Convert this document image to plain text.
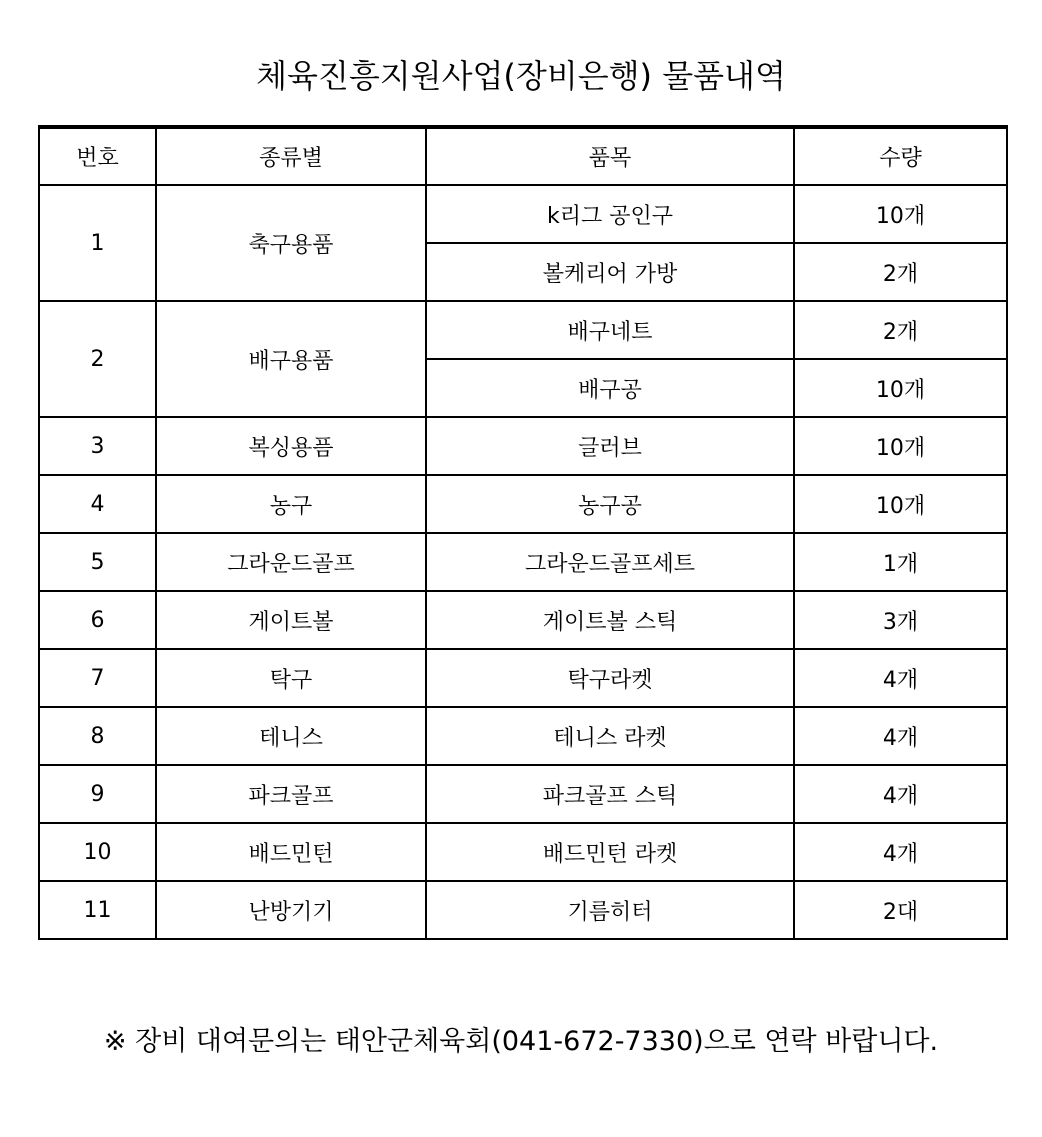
체육진흥지원사업(장비은행) 물품내역
번호	종류별	품목	수량
1	축구용품	k리그 공인구	10개
		볼케리어 가방	2개
2	배구용품	배구네트	2개
		배구공	10개
3	복싱용픔	글러브	10개
4	농구	농구공	10개
5	그라운드골프	그라운드골프세트	1개
6	게이트볼	게이트볼 스틱	3개
7	탁구	탁구라켓	4개
8	테니스	테니스 라켓	4개
9	파크골프	파크골프 스틱	4개
10	배드민턴	배드민턴 라켓	4개
11	난방기기	기름히터	2대

※ 장비 대여문의는 태안군체육회(041-672-7330)으로 연락 바랍니다.
